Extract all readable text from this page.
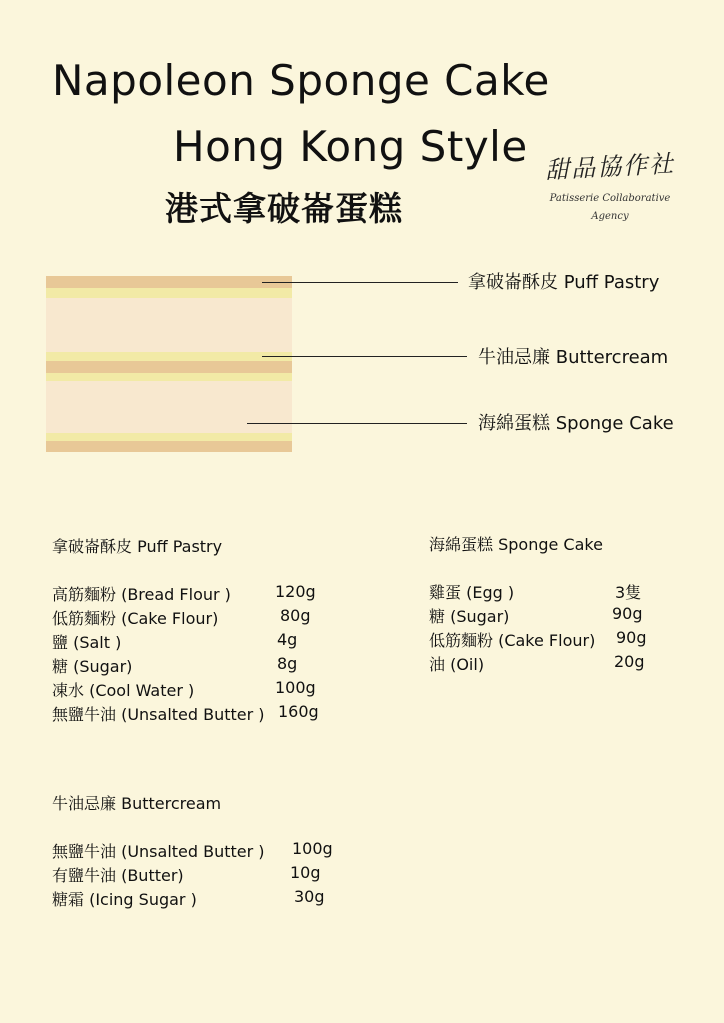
Napoleon Sponge Cake
Hong Kong Style
港式拿破崙蛋糕
甜品協作社
Patisserie Collaborative
Agency
拿破崙酥皮 Puff Pastry
牛油忌廉 Buttercream
海綿蛋糕 Sponge Cake
拿破崙酥皮 Puff Pastry
高筋麵粉 (Bread Flour )	120g
低筋麵粉 (Cake Flour)	80g
鹽 (Salt )	4g
糖 (Sugar)	8g
凍水 (Cool Water )	100g
無鹽牛油 (Unsalted Butter ) 160g
海綿蛋糕 Sponge Cake
雞蛋 (Egg )	3隻
糖 (Sugar)	90g
低筋麵粉 (Cake Flour) 90g
油 (Oil)	20g
牛油忌廉 Buttercream
無鹽牛油 (Unsalted Butter ) 100g
有鹽牛油 (Butter)	10g
糖霜 (Icing Sugar )	30g
